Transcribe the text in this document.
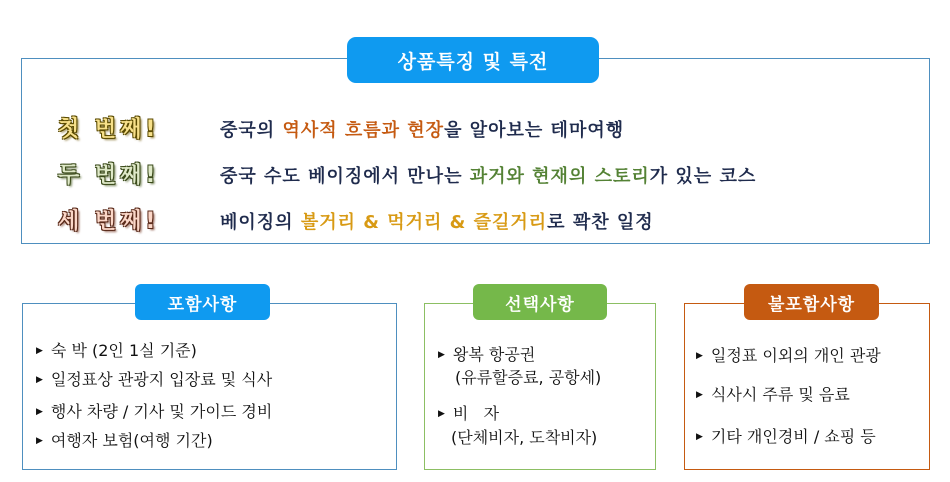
상품특징 및 특전
첫 번째!	중국의 역사적 흐름과 현장을 알아보는 테마여행
두 번째!	중국 수도 베이징에서 만나는 과거와 현재의 스토리가 있는 코스
세 번째!	베이징의 볼거리 & 먹거리 & 즐길거리로 꽉찬 일정
포함사항
▶ 숙 박 (2인 1실 기준)
▶ 일정표상 관광지 입장료 및 식사
▶ 행사 차량 / 기사 및 가이드 경비
▶ 여행자 보험(여행 기간)
선택사항
▶ 왕복 항공권
(유류할증료, 공항세)
▶ 비   자
(단체비자, 도착비자)
불포함사항
▶ 일정표 이외의 개인 관광
▶ 식사시 주류 및 음료
▶ 기타 개인경비 / 쇼핑 등
